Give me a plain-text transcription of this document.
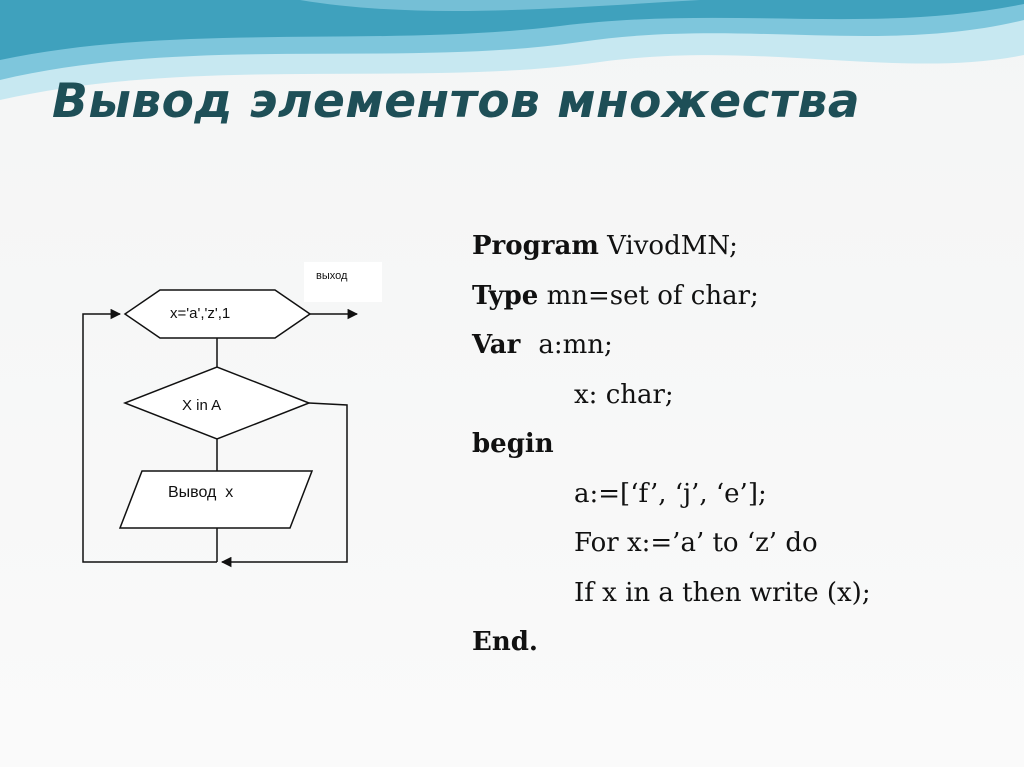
Вывод элементов множества
выход
x='a','z',1
X in A
Вывод  x
Program VivodMN;
Type mn=set of char;
Var a:mn;
x: char;
begin
a:=[‘f’, ‘j’, ‘e’];
For x:=’a’ to ‘z’ do
If x in a then write (x);
End.
